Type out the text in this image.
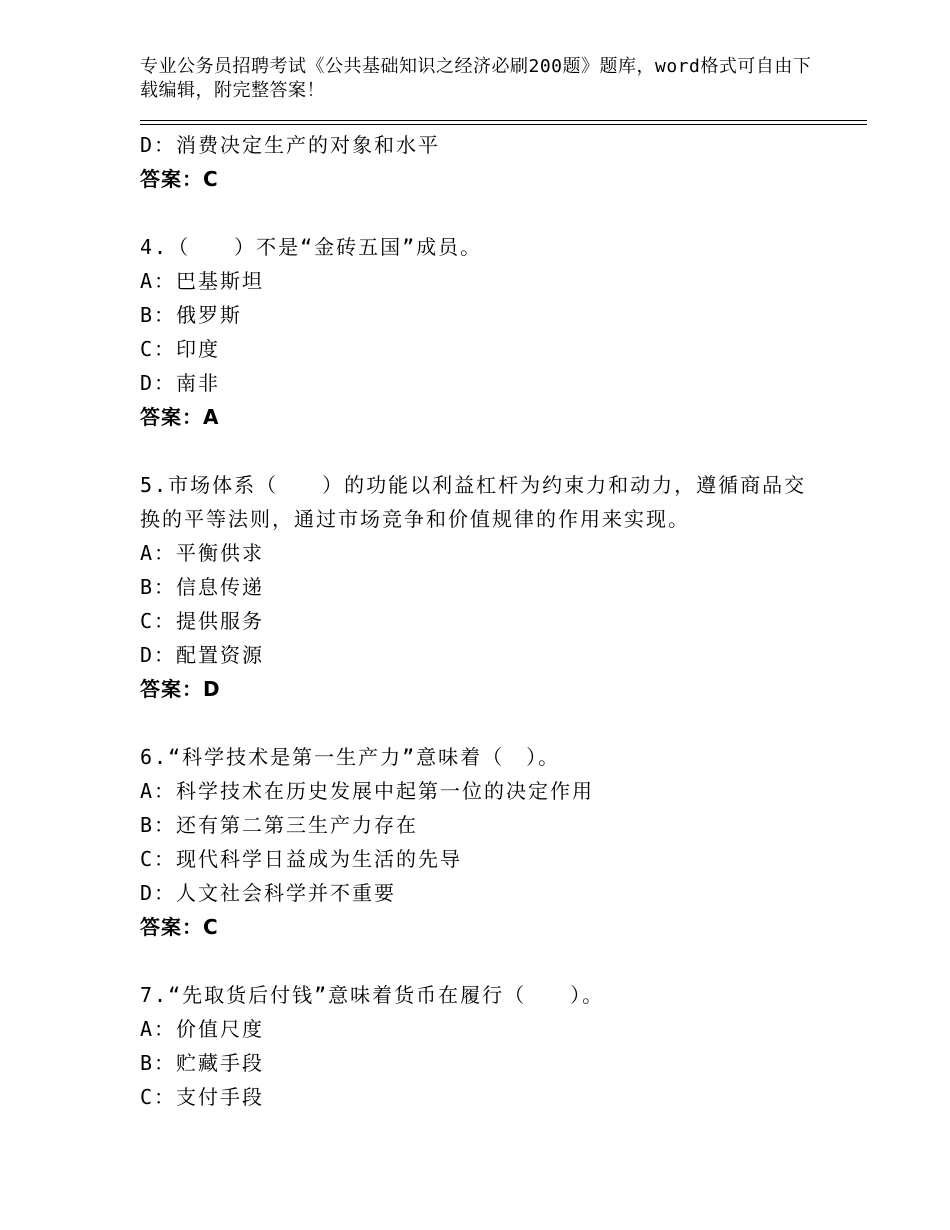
专业公务员招聘考试《公共基础知识之经济必刷200题》题库，word格式可自由下载编辑，附完整答案！
D：消费决定生产的对象和水平
答案：C
4.（　　）不是“金砖五国”成员。
A：巴基斯坦
B：俄罗斯
C：印度
D：南非
答案：A
5.市场体系（　　）的功能以利益杠杆为约束力和动力，遵循商品交换的平等法则，通过市场竞争和价值规律的作用来实现。
A：平衡供求
B：信息传递
C：提供服务
D：配置资源
答案：D
6.“科学技术是第一生产力”意味着（　）。
A：科学技术在历史发展中起第一位的决定作用
B：还有第二第三生产力存在
C：现代科学日益成为生活的先导
D：人文社会科学并不重要
答案：C
7.“先取货后付钱”意味着货币在履行（　　）。
A：价值尺度
B：贮藏手段
C：支付手段
